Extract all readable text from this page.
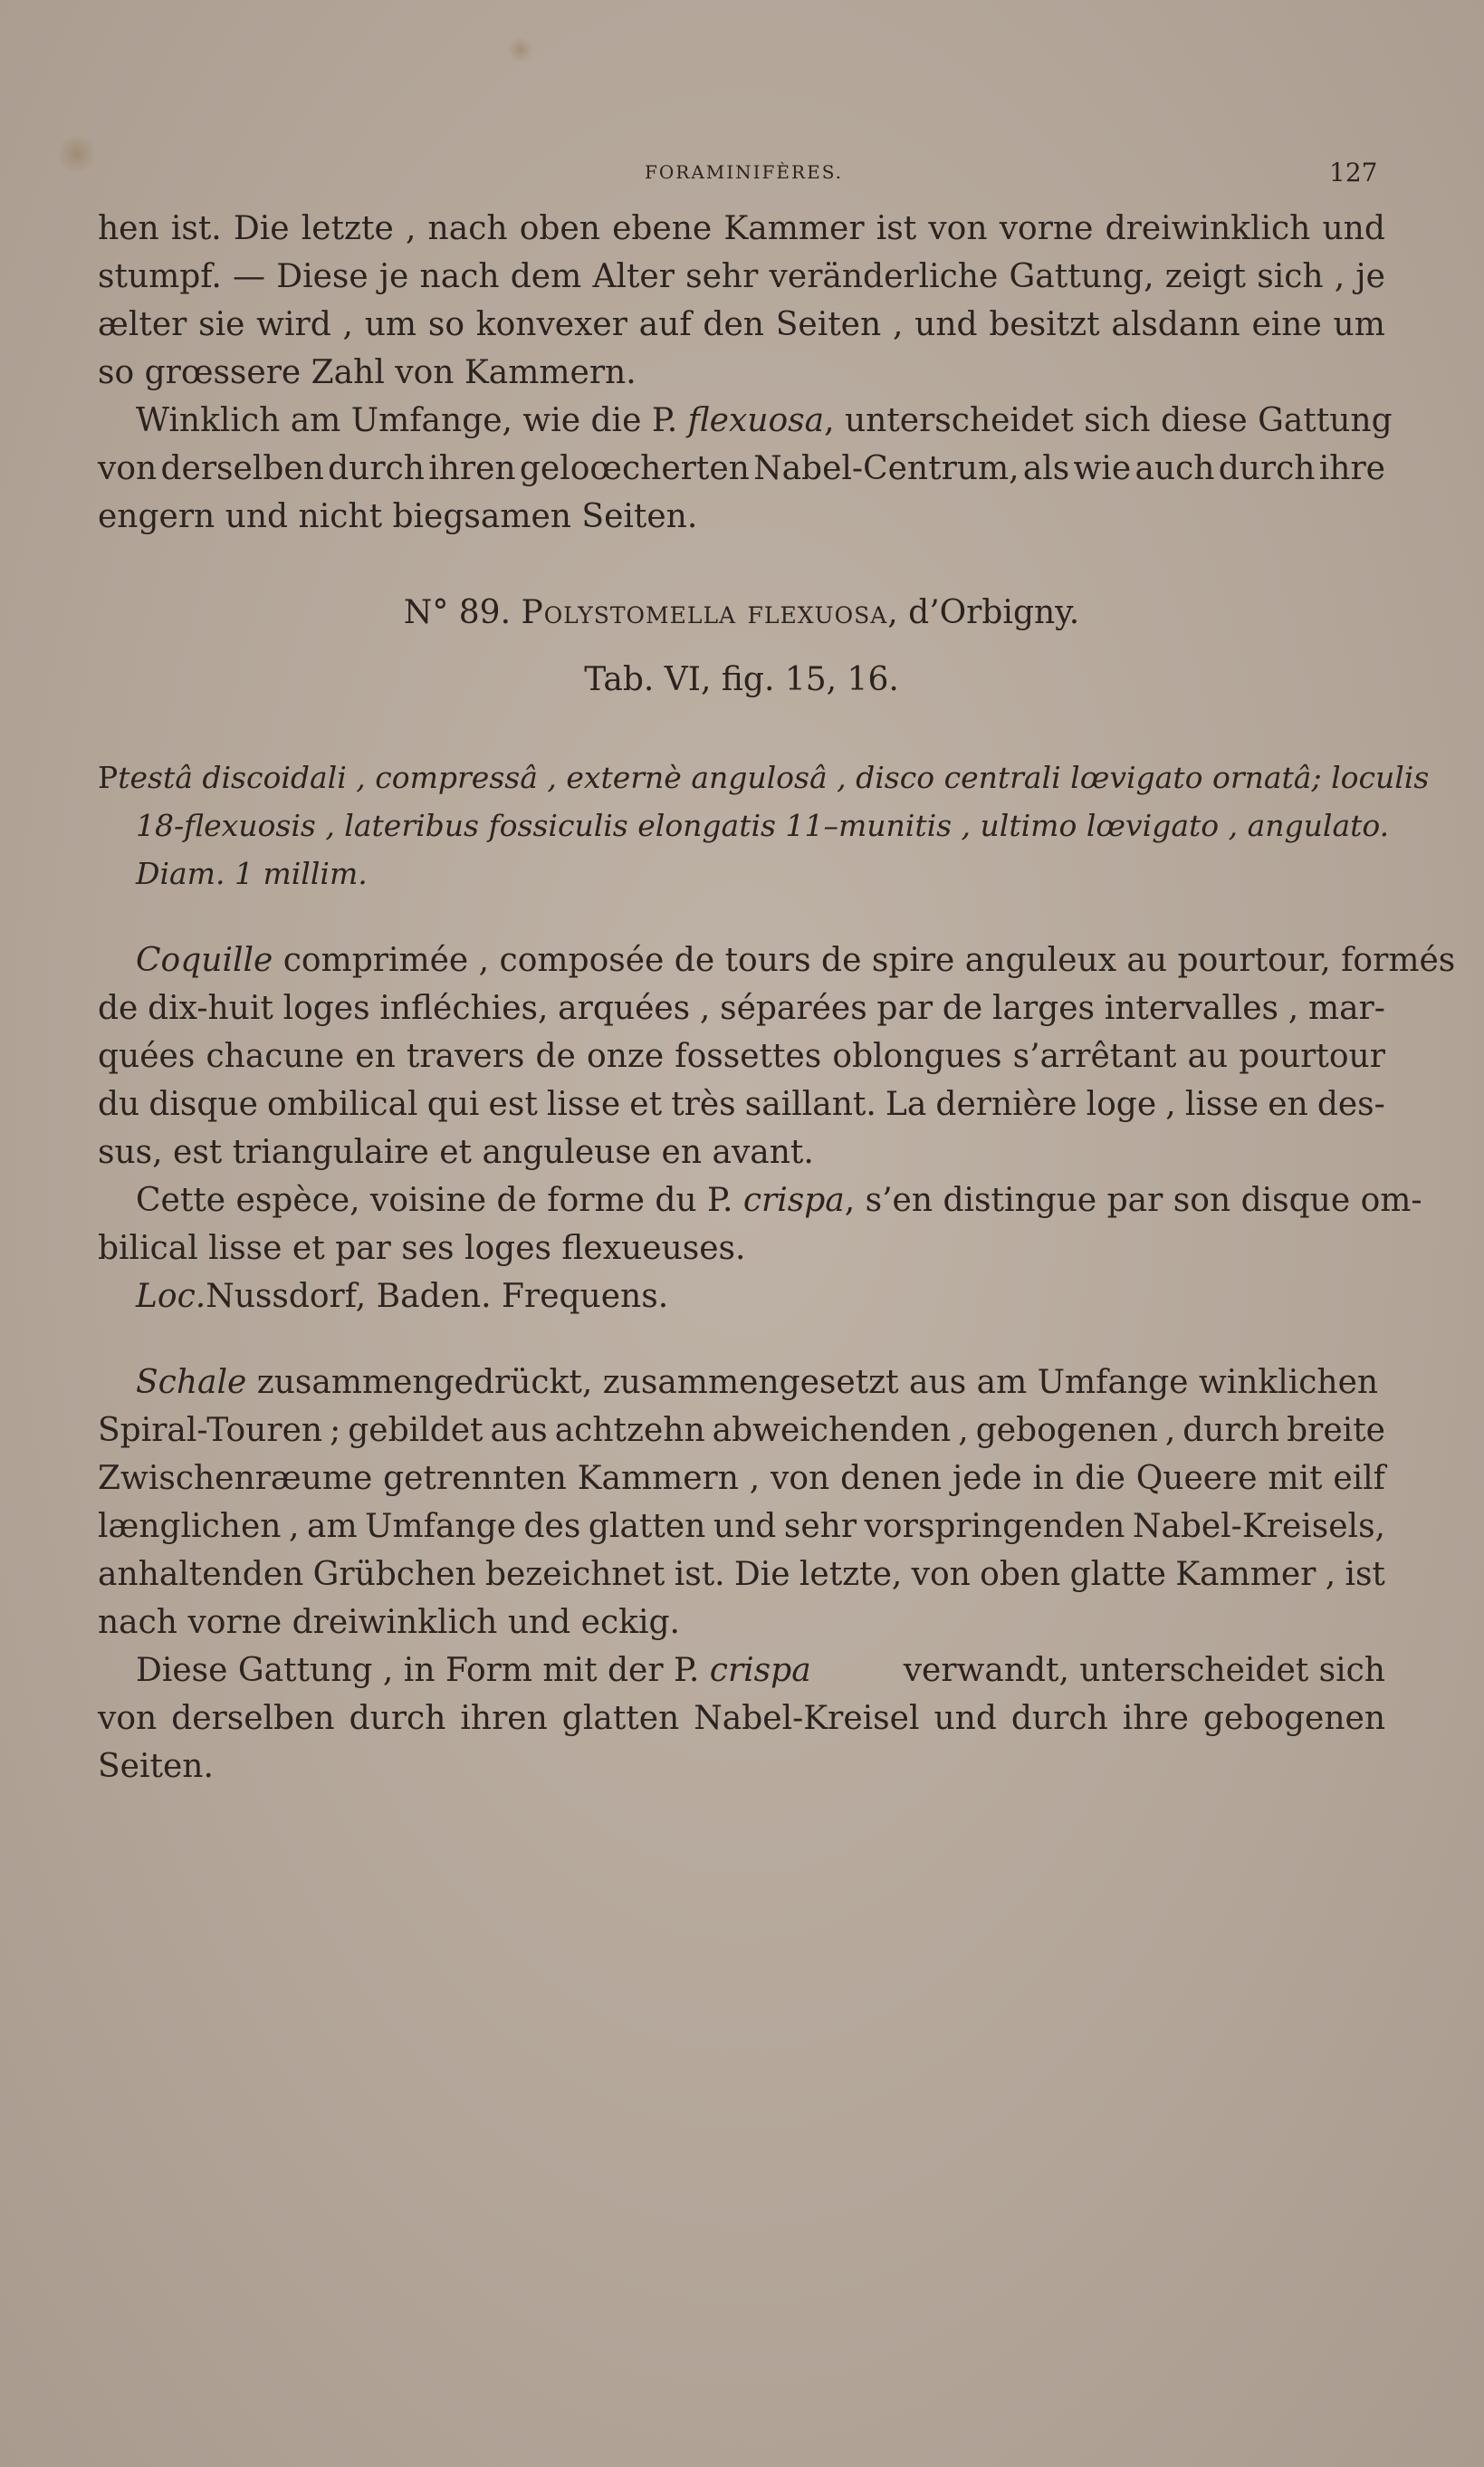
FORAMINIFÈRES.	127
hen ist. Die letzte , nach oben ebene Kammer ist von vorne dreiwinklich und
stumpf. — Diese je nach dem Alter sehr veränderliche Gattung, zeigt sich , je
ælter sie wird , um so konvexer auf den Seiten , und besitzt alsdann eine um
so grœssere Zahl von Kammern.
Winklich am Umfange, wie die P. flexuosa , unterscheidet sich diese Gattung
von derselben durch ihren geloœcherten Nabel-Centrum, als wie auch durch ihre
engern und nicht biegsamen Seiten.
N° 89. Polystomella flexuosa, d’Orbigny.
Tab. VI, fig. 15, 16.
P testâ discoidali , compressâ , externè angulosâ , disco centrali lœvigato ornatâ; loculis
18-flexuosis , lateribus fossiculis elongatis 11–munitis , ultimo lœvigato , angulato.
Diam. 1 millim.
Coquille comprimée , composée de tours de spire anguleux au pourtour, formés
de dix-huit loges infléchies, arquées , séparées par de larges intervalles , mar-
quées chacune en travers de onze fossettes oblongues s’arrêtant au pourtour
du disque ombilical qui est lisse et très saillant. La dernière loge , lisse en des-
sus, est triangulaire et anguleuse en avant.
Cette espèce, voisine de forme du P. crispa, s’en distingue par son disque om-
bilical lisse et par ses loges flexueuses.
Loc. Nussdorf, Baden. Frequens.
Schale zusammengedrückt, zusammengesetzt aus am Umfange winklichen
Spiral-Touren ; gebildet aus achtzehn abweichenden , gebogenen , durch breite
Zwischenræume getrennten Kammern , von denen jede in die Queere mit eilf
længlichen , am Umfange des glatten und sehr vorspringenden Nabel-Kreisels,
anhaltenden Grübchen bezeichnet ist. Die letzte, von oben glatte Kammer , ist
nach vorne dreiwinklich und eckig.
Diese Gattung , in Form mit der P. crispa	verwandt, unterscheidet sich
von derselben durch ihren glatten Nabel-Kreisel und durch ihre gebogenen
Seiten.
